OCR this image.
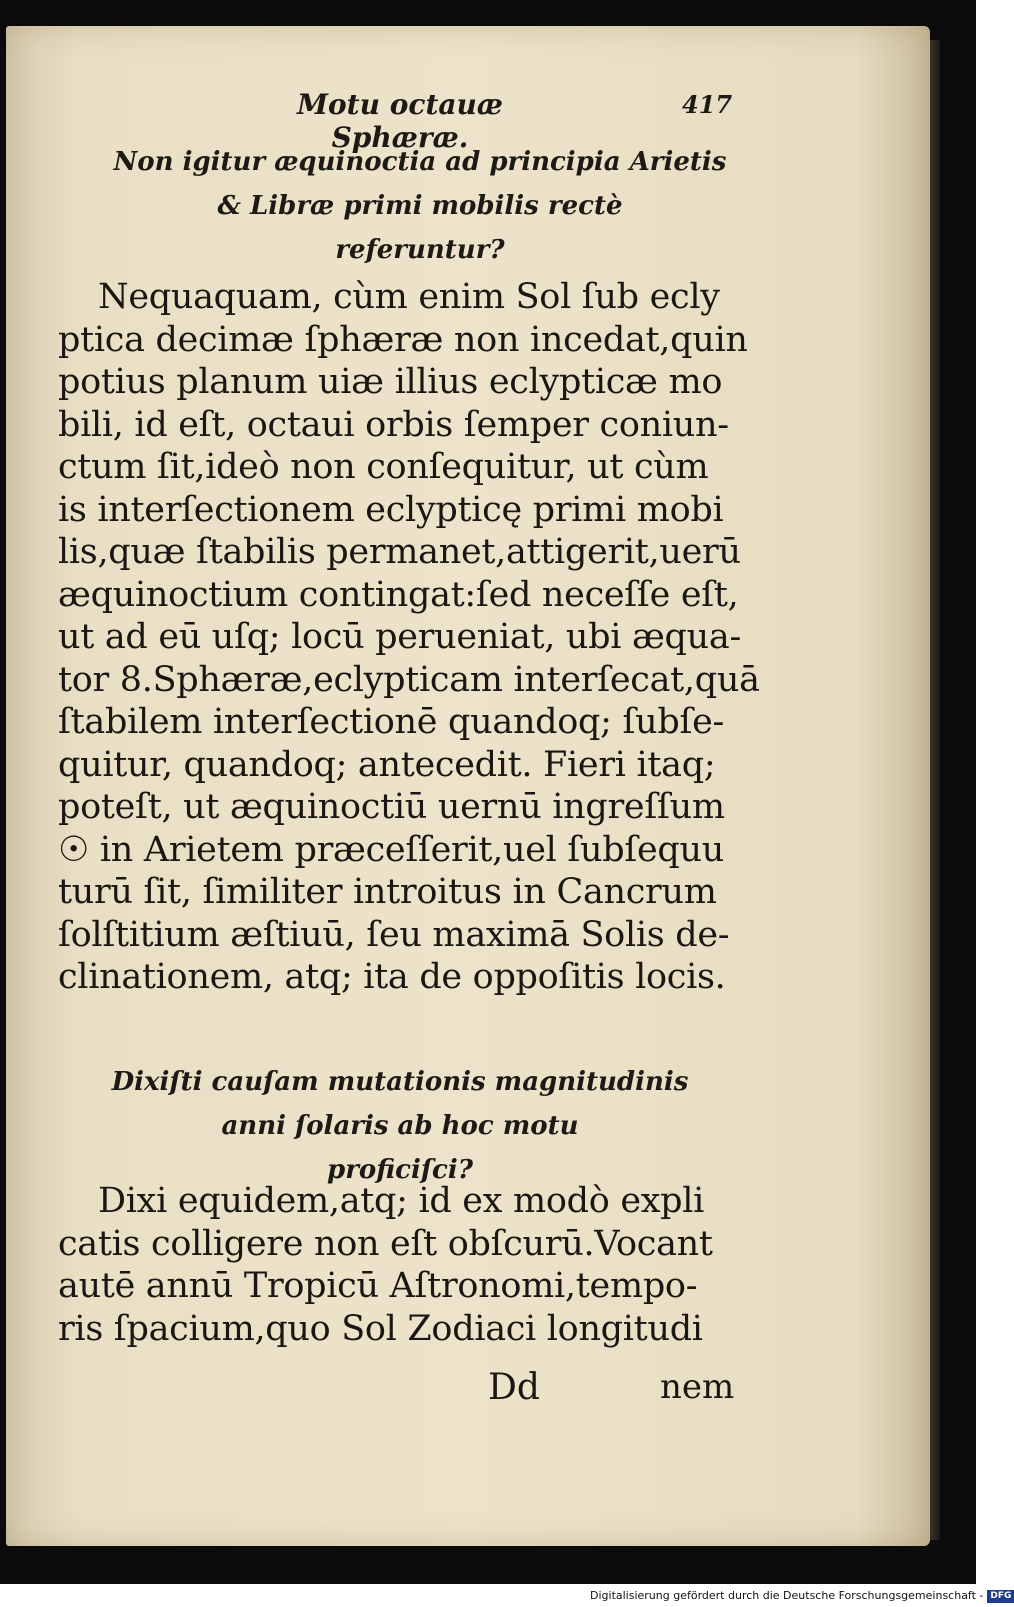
Motu octauæ Sphæræ.
417
Non igitur æquinoctia ad principia Arietis
& Libræ primi mobilis rectè
referuntur?
Nequaquam, cùm enim Sol ſub ecly
ptica decimæ ſphæræ non incedat,quin
potius planum uiæ illius eclypticæ mo
bili, id eſt, octaui orbis ſemper coniun-
ctum ſit,ideò non conſequitur, ut cùm
is interſectionem eclypticę primi mobi
lis,quæ ſtabilis permanet,attigerit,uerū
æquinoctium contingat:ſed neceſſe eſt,
ut ad eū uſq; locū perueniat, ubi æqua-
tor 8.Sphæræ,eclypticam interſecat,quā
ſtabilem interſectionē quandoq; ſubſe-
quitur, quandoq; antecedit. Fieri itaq;
poteſt, ut æquinoctiū uernū ingreſſum
☉ in Arietem præceſſerit,uel ſubſequu
turū ſit, ſimiliter introitus in Cancrum
ſolſtitium æſtiuū, ſeu maximā Solis de-
clinationem, atq; ita de oppoſitis locis.
Dixiſti cauſam mutationis magnitudinis
anni ſolaris ab hoc motu
proficiſci?
Dixi equidem,atq; id ex modò expli
catis colligere non eſt obſcurū.Vocant
autē annū Tropicū Aſtronomi,tempo-
ris ſpacium,quo Sol Zodiaci longitudi
Dd	nem
Digitalisierung gefördert durch die Deutsche Forschungsgemeinschaft - DFG
